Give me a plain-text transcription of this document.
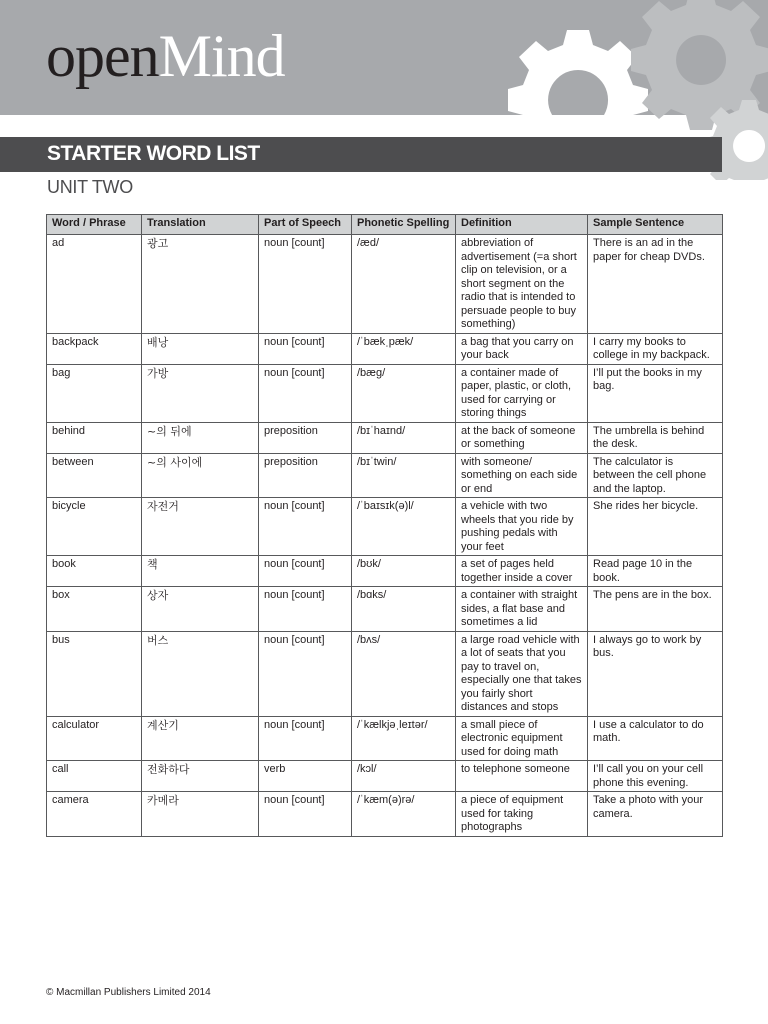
openMind
STARTER WORD LIST
UNIT TWO
Word / Phrase	Translation	Part of Speech	Phonetic Spelling	Definition	Sample Sentence
ad	광고	noun [count]	/æd/	abbreviation of advertisement (=a short clip on television, or a short segment on the radio that is intended to persuade people to buy something)	There is an ad in the paper for cheap DVDs.
backpack	배낭	noun [count]	/ˈbækˌpæk/	a bag that you carry on your back	I carry my books to college in my backpack.
bag	가방	noun [count]	/bæg/	a container made of paper, plastic, or cloth, used for carrying or storing things	I’ll put the books in my bag.
behind	~의 뒤에	preposition	/bɪˈhaɪnd/	at the back of someone or something	The umbrella is behind the desk.
between	~의 사이에	preposition	/bɪˈtwin/	with someone/ something on each side or end	The calculator is between the cell phone and the laptop.
bicycle	자전거	noun [count]	/ˈbaɪsɪk(ə)l/	a vehicle with two wheels that you ride by pushing pedals with your feet	She rides her bicycle.
book	책	noun [count]	/bʊk/	a set of pages held together inside a cover	Read page 10 in the book.
box	상자	noun [count]	/bɑks/	a container with straight sides, a flat base and sometimes a lid	The pens are in the box.
bus	버스	noun [count]	/bʌs/	a large road vehicle with a lot of seats that you pay to travel on, especially one that takes you fairly short distances and stops	I always go to work by bus.
calculator	계산기	noun [count]	/ˈkælkjəˌleɪtər/	a small piece of electronic equipment used for doing math	I use a calculator to do math.
call	전화하다	verb	/kɔl/	to telephone someone	I’ll call you on your cell phone this evening.
camera	카메라	noun [count]	/ˈkæm(ə)rə/	a piece of equipment used for taking photographs	Take a photo with your camera.
© Macmillan Publishers Limited 2014
